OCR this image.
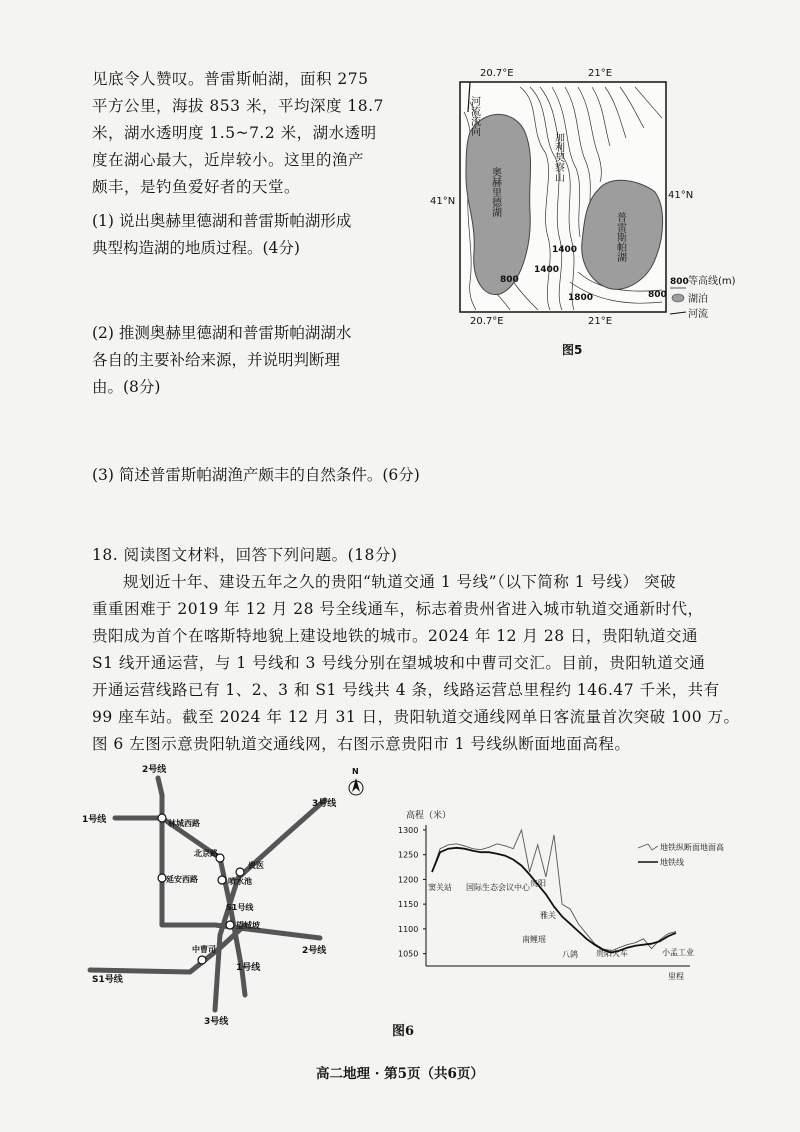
见底令人赞叹。普雷斯帕湖，面积 275
平方公里，海拔 853 米，平均深度 18.7
米，湖水透明度 1.5~7.2 米，湖水透明
度在湖心最大，近岸较小。这里的渔产
颇丰，是钓鱼爱好者的天堂。
(1) 说出奥赫里德湖和普雷斯帕湖形成
典型构造湖的地质过程。(4分)
(2) 推测奥赫里德湖和普雷斯帕湖湖水
各自的主要补给来源，并说明判断理
由。(8分)
(3) 简述普雷斯帕湖渔产颇丰的自然条件。(6分)
20.7°E	21°E
20.7°E	21°E
41°N
41°N
河流流向
奥赫里德湖
普雷斯帕湖
加利契察山
800
1400
1400
1800	800
800 等高线(m)
湖泊
河流
图5
18. 阅读图文材料，回答下列问题。(18分)
规划近十年、建设五年之久的贵阳“轨道交通 1 号线”（以下简称 1 号线） 突破
重重困难于 2019 年 12 月 28 号全线通车，标志着贵州省进入城市轨道交通新时代，
贵阳成为首个在喀斯特地貌上建设地铁的城市。2024 年 12 月 28 日，贵阳轨道交通
S1 线开通运营，与 1 号线和 3 号线分别在望城坡和中曹司交汇。目前，贵阳轨道交通
开通运营线路已有 1、2、3 和 S1 号线共 4 条，线路运营总里程约 146.47 千米，共有
99 座车站。截至 2024 年 12 月 31 日，贵阳轨道交通线网单日客流量首次突破 100 万。
图 6 左图示意贵阳轨道交通线网，右图示意贵阳市 1 号线纵断面地面高程。
2号线
1号线
3号线
林城西路
北京路
贵医
延安西路	喷水池
S1号线
望城坡
中曹司	2号线
1号线
S1号线
3号线
N
高程（米）
1300
1250
1200
1150
1100
1050
地铁纵断面地面高
地铁线
窦关站 国际生态会议中心 贵阳
雅关
南鲤瑶
八鸽 贵阳火车	小孟工业
里程
图6
高二地理 · 第5页（共6页）
